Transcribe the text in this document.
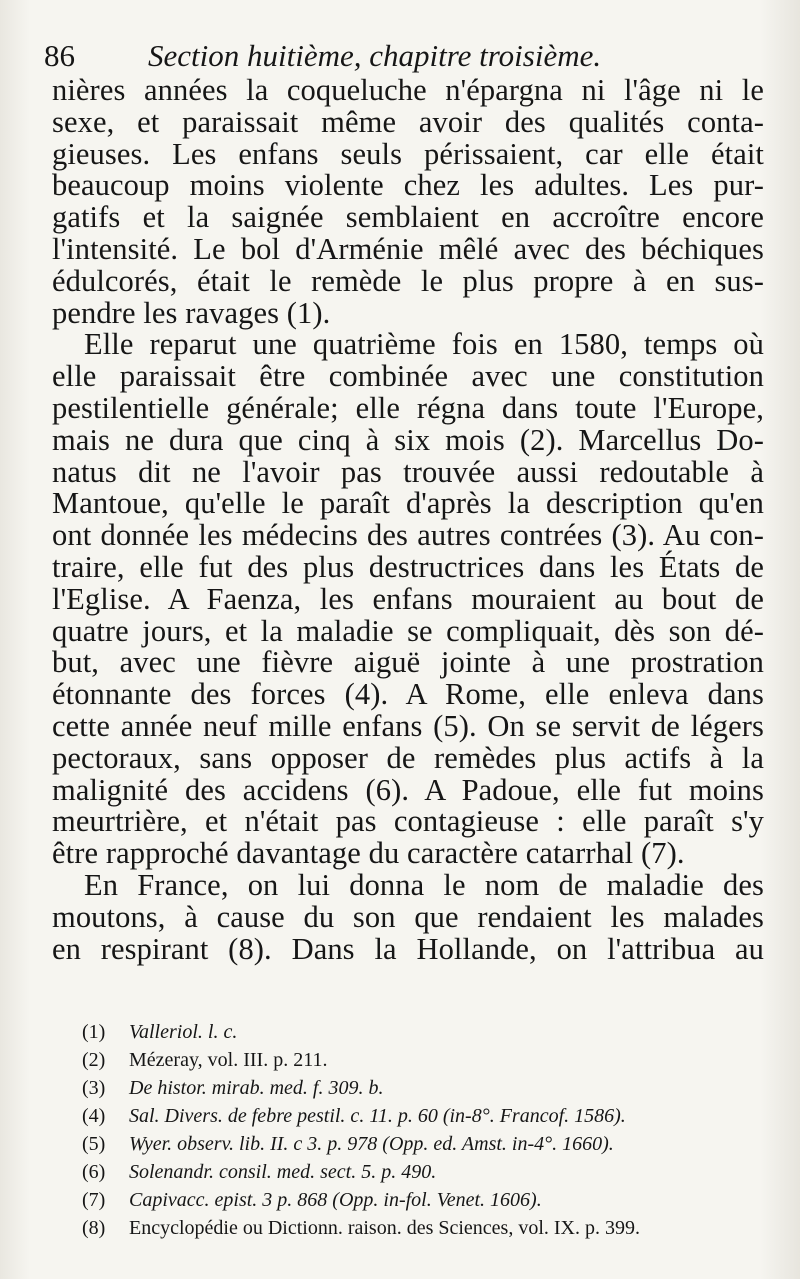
86 Section huitième, chapitre troisième.
nières années la coqueluche n'épargna ni l'âge ni le
sexe, et paraissait même avoir des qualités conta-
gieuses. Les enfans seuls périssaient, car elle était
beaucoup moins violente chez les adultes. Les pur-
gatifs et la saignée semblaient en accroître encore
l'intensité. Le bol d'Arménie mêlé avec des béchiques
édulcorés, était le remède le plus propre à en sus-
pendre les ravages (1).
Elle reparut une quatrième fois en 1580, temps où
elle paraissait être combinée avec une constitution
pestilentielle générale; elle régna dans toute l'Europe,
mais ne dura que cinq à six mois (2). Marcellus Do-
natus dit ne l'avoir pas trouvée aussi redoutable à
Mantoue, qu'elle le paraît d'après la description qu'en
ont donnée les médecins des autres contrées (3). Au con-
traire, elle fut des plus destructrices dans les États de
l'Eglise. A Faenza, les enfans mouraient au bout de
quatre jours, et la maladie se compliquait, dès son dé-
but, avec une fièvre aiguë jointe à une prostration
étonnante des forces (4). A Rome, elle enleva dans
cette année neuf mille enfans (5). On se servit de légers
pectoraux, sans opposer de remèdes plus actifs à la
malignité des accidens (6). A Padoue, elle fut moins
meurtrière, et n'était pas contagieuse : elle paraît s'y
être rapproché davantage du caractère catarrhal (7).
En France, on lui donna le nom de maladie des
moutons, à cause du son que rendaient les malades
en respirant (8). Dans la Hollande, on l'attribua au
(1) Valleriol. l. c.
(2) Mézeray, vol. III. p. 211.
(3) De histor. mirab. med. f. 309. b.
(4) Sal. Divers. de febre pestil. c. 11. p. 60 (in-8°. Francof. 1586).
(5) Wyer. observ. lib. II. c 3. p. 978 (Opp. ed. Amst. in-4°. 1660).
(6) Solenandr. consil. med. sect. 5. p. 490.
(7) Capivacc. epist. 3 p. 868 (Opp. in-fol. Venet. 1606).
(8) Encyclopédie ou Dictionn. raison. des Sciences, vol. IX. p. 399.
